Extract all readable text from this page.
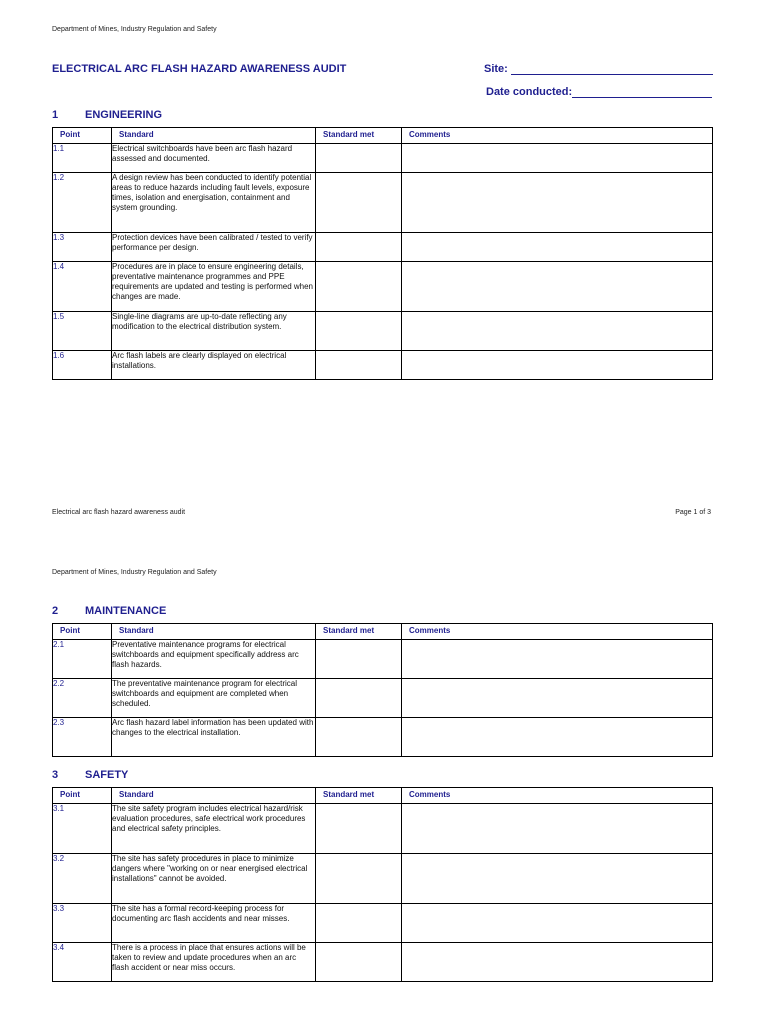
Department of Mines, Industry Regulation and Safety
ELECTRICAL ARC FLASH HAZARD AWARENESS AUDIT	Site:
Date conducted:
1 ENGINEERING
Point	Standard	Standard met	Comments
1.1	Electrical switchboards have been arc flash hazard assessed and documented.		
1.2	A design review has been conducted to identify potential areas to reduce hazards including fault levels, exposure times, isolation and energisation, containment and system grounding.		
1.3	Protection devices have been calibrated / tested to verify performance per design.		
1.4	Procedures are in place to ensure engineering details, preventative maintenance programmes and PPE requirements are updated and testing is performed when changes are made.		
1.5	Single-line diagrams are up-to-date reflecting any modification to the electrical distribution system.		
1.6	Arc flash labels are clearly displayed on electrical installations.		
Electrical arc flash hazard awareness audit	Page 1 of 3
Department of Mines, Industry Regulation and Safety
2 MAINTENANCE
Point	Standard	Standard met	Comments
2.1	Preventative maintenance programs for electrical switchboards and equipment specifically address arc flash hazards.		
2.2	The preventative maintenance program for electrical switchboards and equipment are completed when scheduled.		
2.3	Arc flash hazard label information has been updated with changes to the electrical installation.		
3 SAFETY
Point	Standard	Standard met	Comments
3.1	The site safety program includes electrical hazard/risk evaluation procedures, safe electrical work procedures and electrical safety principles.		
3.2	The site has safety procedures in place to minimize dangers where "working on or near energised electrical installations" cannot be avoided.		
3.3	The site has a formal record-keeping process for documenting arc flash accidents and near misses.		
3.4	There is a process in place that ensures actions will be taken to review and update procedures when an arc flash accident or near miss occurs.		
